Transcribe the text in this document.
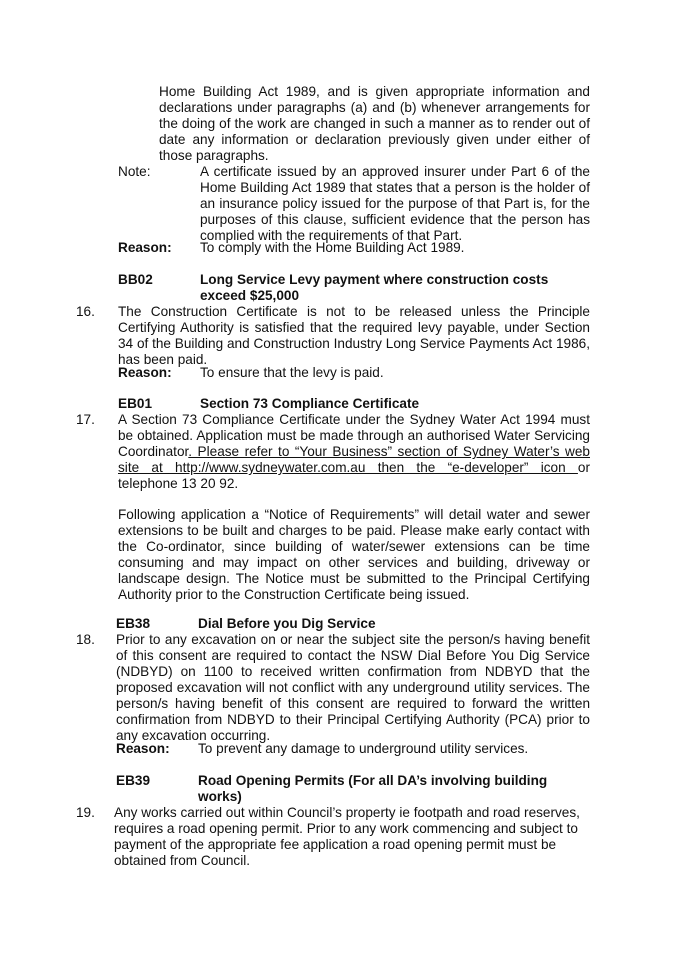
Home Building Act 1989, and is given appropriate information and declarations under paragraphs (a) and (b) whenever arrangements for the doing of the work are changed in such a manner as to render out of date any information or declaration previously given under either of those paragraphs.
Note:	A certificate issued by an approved insurer under Part 6 of the Home Building Act 1989 that states that a person is the holder of an insurance policy issued for the purpose of that Part is, for the purposes of this clause, sufficient evidence that the person has complied with the requirements of that Part.
Reason: To comply with the Home Building Act 1989.
BB02	Long Service Levy payment where construction costs exceed $25,000
16. The Construction Certificate is not to be released unless the Principle Certifying Authority is satisfied that the required levy payable, under Section 34 of the Building and Construction Industry Long Service Payments Act 1986, has been paid.
Reason: To ensure that the levy is paid.
EB01	Section 73 Compliance Certificate
17. A Section 73 Compliance Certificate under the Sydney Water Act 1994 must be obtained. Application must be made through an authorised Water Servicing Coordinator. Please refer to “Your Business” section of Sydney Water’s web site at http://www.sydneywater.com.au then the “e-developer” icon or telephone 13 20 92.
Following application a “Notice of Requirements” will detail water and sewer extensions to be built and charges to be paid. Please make early contact with the Co-ordinator, since building of water/sewer extensions can be time consuming and may impact on other services and building, driveway or landscape design. The Notice must be submitted to the Principal Certifying Authority prior to the Construction Certificate being issued.
EB38	Dial Before you Dig Service
18. Prior to any excavation on or near the subject site the person/s having benefit of this consent are required to contact the NSW Dial Before You Dig Service (NDBYD) on 1100 to received written confirmation from NDBYD that the proposed excavation will not conflict with any underground utility services. The person/s having benefit of this consent are required to forward the written confirmation from NDBYD to their Principal Certifying Authority (PCA) prior to any excavation occurring.
Reason: To prevent any damage to underground utility services.
EB39	Road Opening Permits (For all DA’s involving building works)
19. Any works carried out within Council’s property ie footpath and road reserves, requires a road opening permit. Prior to any work commencing and subject to payment of the appropriate fee application a road opening permit must be obtained from Council.
